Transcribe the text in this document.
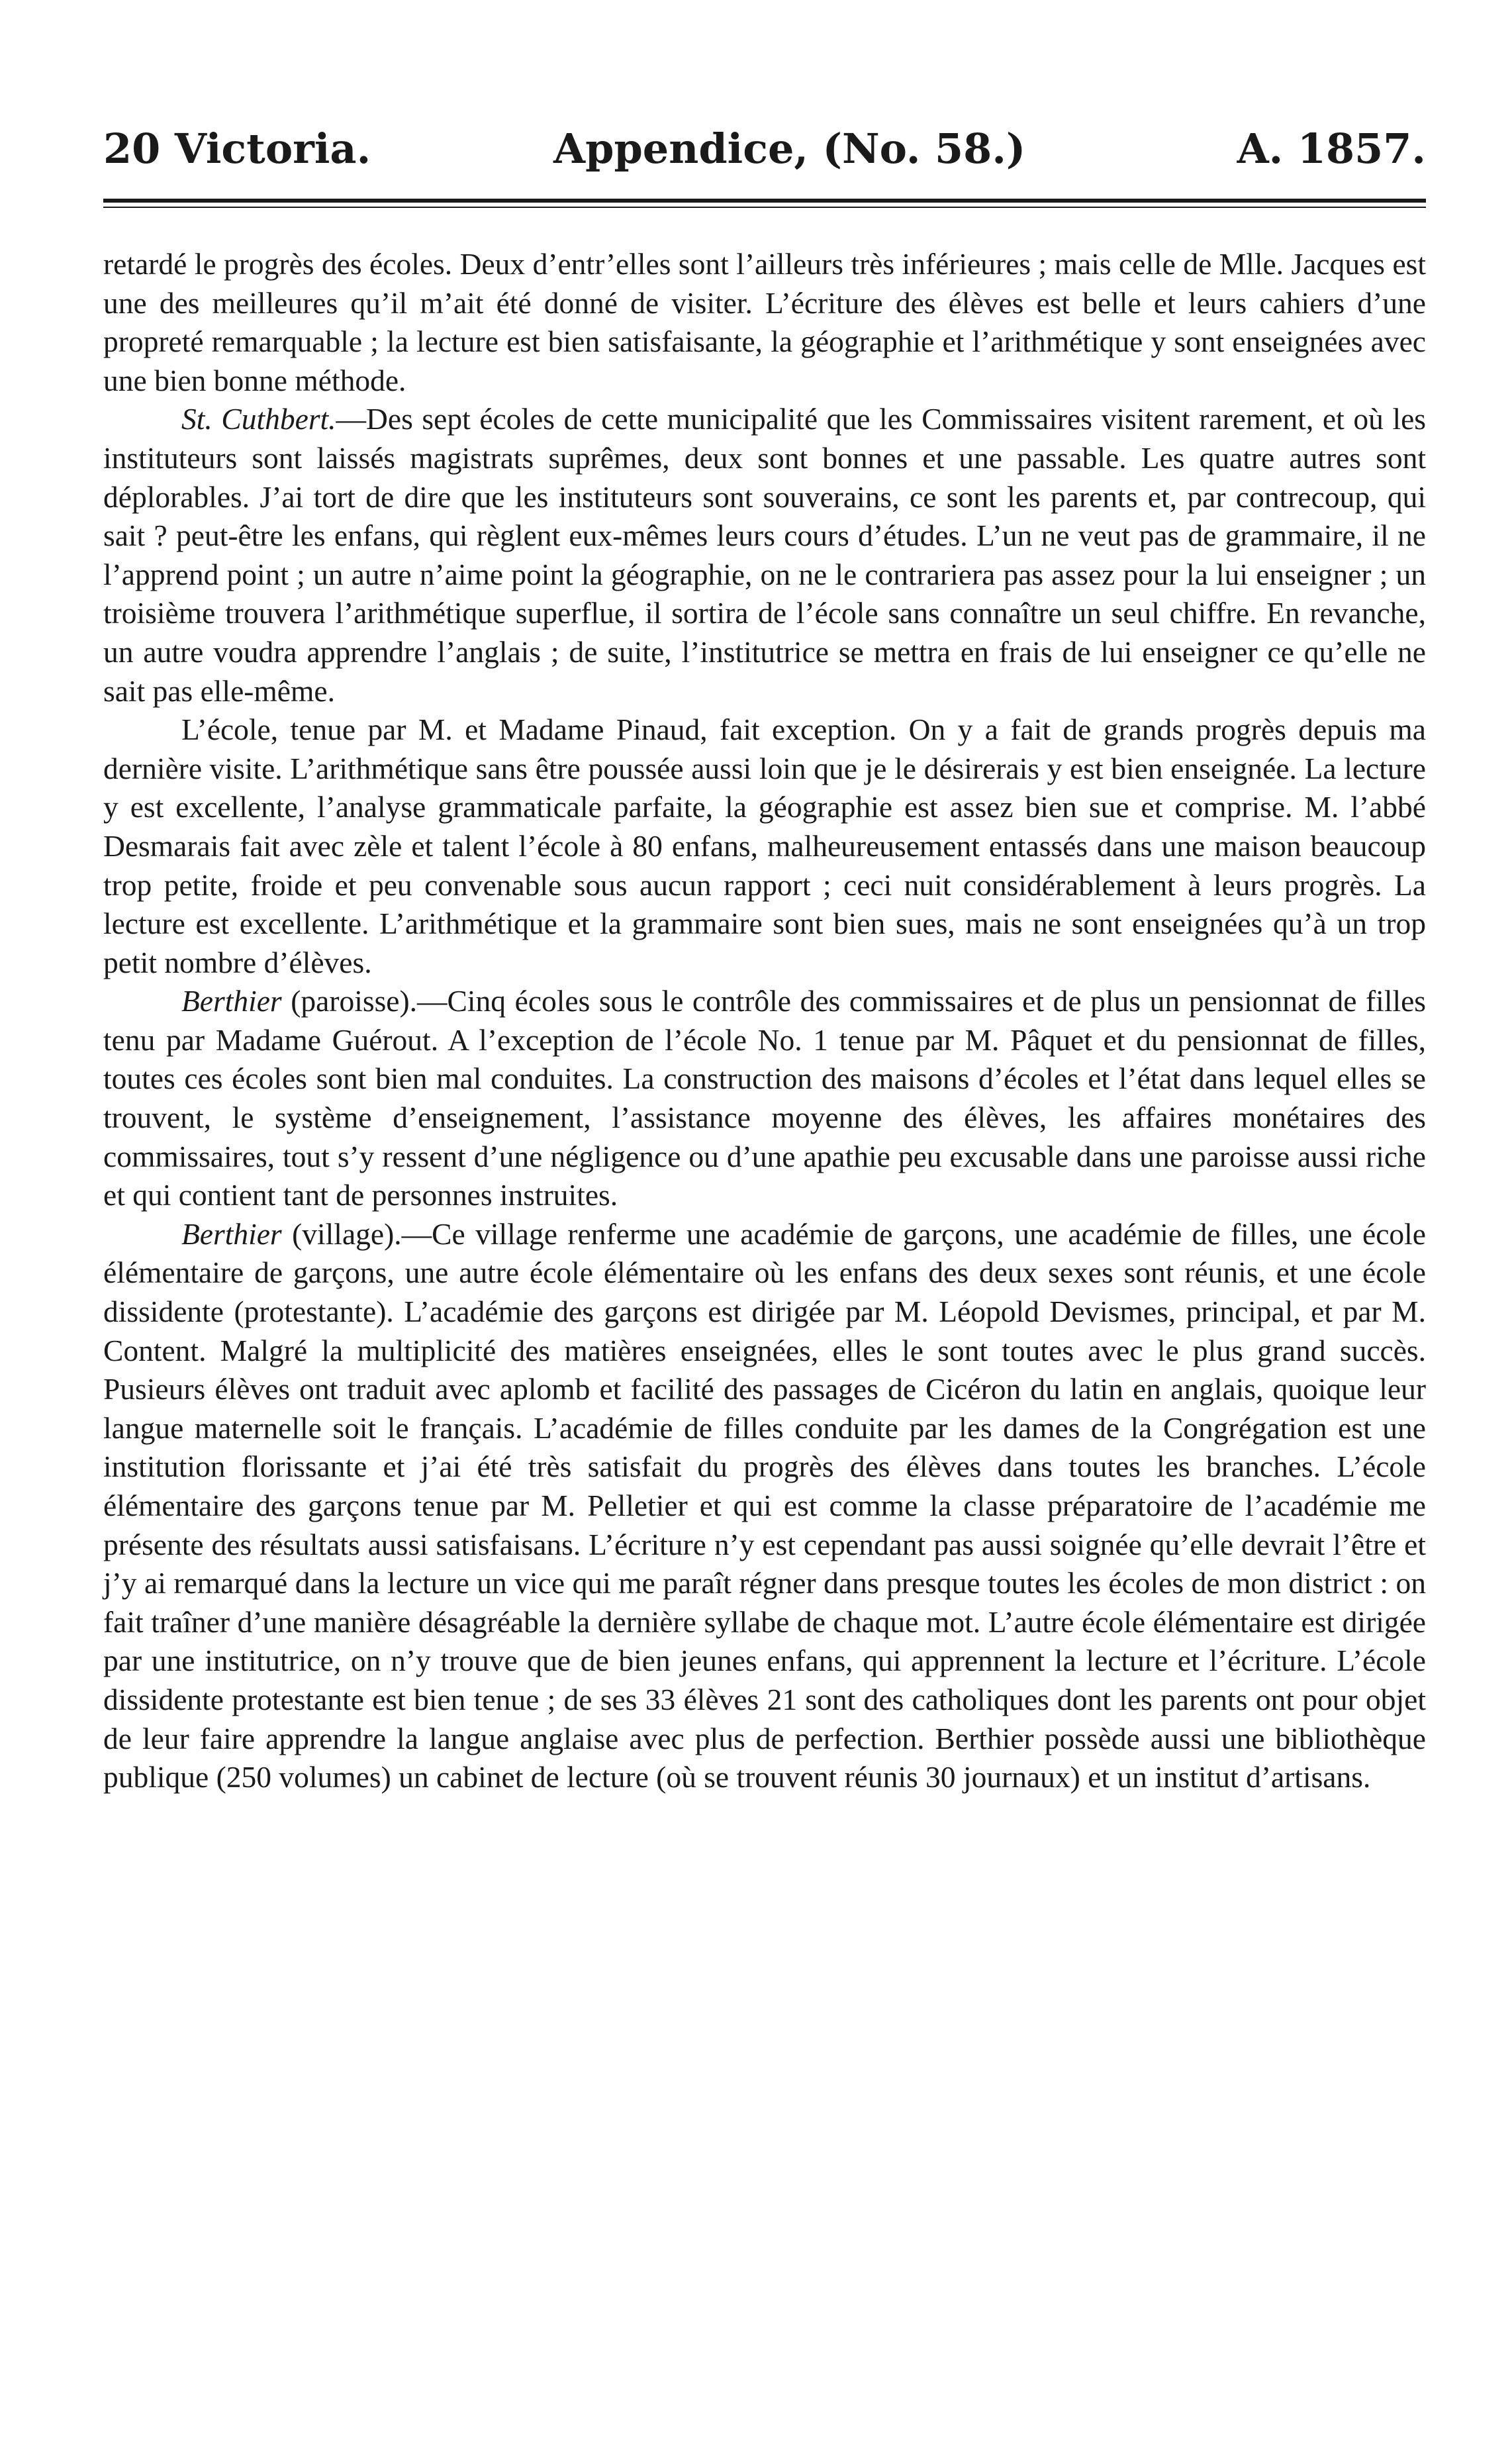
20 Victoria.	Appendice, (No. 58.)	A. 1857.

retardé le progrès des écoles. Deux d’entr’elles sont l’ailleurs très inférieures ; mais celle de Mlle. Jacques est une des meilleures qu’il m’ait été donné de visiter. L’écriture des élèves est belle et leurs cahiers d’une propreté remarquable ; la lecture est bien satisfaisante, la géographie et l’arithmétique y sont enseignées avec une bien bonne méthode.

St. Cuthbert.—Des sept écoles de cette municipalité que les Commissaires visitent rarement, et où les instituteurs sont laissés magistrats suprêmes, deux sont bonnes et une passable. Les quatre autres sont déplorables. J’ai tort de dire que les instituteurs sont souverains, ce sont les parents et, par contrecoup, qui sait ? peut-être les enfans, qui règlent eux-mêmes leurs cours d’études. L’un ne veut pas de grammaire, il ne l’apprend point ; un autre n’aime point la géographie, on ne le contrariera pas assez pour la lui enseigner ; un troisième trouvera l’arithmétique superflue, il sortira de l’école sans connaître un seul chiffre. En revanche, un autre voudra apprendre l’anglais ; de suite, l’institutrice se mettra en frais de lui enseigner ce qu’elle ne sait pas elle-même.

L’école, tenue par M. et Madame Pinaud, fait exception. On y a fait de grands progrès depuis ma dernière visite. L’arithmétique sans être poussée aussi loin que je le désirerais y est bien enseignée. La lecture y est excellente, l’analyse grammaticale parfaite, la géographie est assez bien sue et comprise. M. l’abbé Desmarais fait avec zèle et talent l’école à 80 enfans, malheureusement entassés dans une maison beaucoup trop petite, froide et peu convenable sous aucun rapport ; ceci nuit considérablement à leurs progrès. La lecture est excellente. L’arithmétique et la grammaire sont bien sues, mais ne sont enseignées qu’à un trop petit nombre d’élèves.

Berthier (paroisse).—Cinq écoles sous le contrôle des commissaires et de plus un pensionnat de filles tenu par Madame Guérout. A l’exception de l’école No. 1 tenue par M. Pâquet et du pensionnat de filles, toutes ces écoles sont bien mal conduites. La construction des maisons d’écoles et l’état dans lequel elles se trouvent, le système d’enseignement, l’assistance moyenne des élèves, les affaires monétaires des commissaires, tout s’y ressent d’une négligence ou d’une apathie peu excusable dans une paroisse aussi riche et qui contient tant de personnes instruites.

Berthier (village).—Ce village renferme une académie de garçons, une académie de filles, une école élémentaire de garçons, une autre école élémentaire où les enfans des deux sexes sont réunis, et une école dissidente (protestante). L’académie des garçons est dirigée par M. Léopold Devismes, principal, et par M. Content. Malgré la multiplicité des matières enseignées, elles le sont toutes avec le plus grand succès. Pusieurs élèves ont traduit avec aplomb et facilité des passages de Cicéron du latin en anglais, quoique leur langue maternelle soit le français. L’académie de filles conduite par les dames de la Congrégation est une institution florissante et j’ai été très satisfait du progrès des élèves dans toutes les branches. L’école élémentaire des garçons tenue par M. Pelletier et qui est comme la classe préparatoire de l’académie me présente des résultats aussi satisfaisans. L’écriture n’y est cependant pas aussi soignée qu’elle devrait l’être et j’y ai remarqué dans la lecture un vice qui me paraît régner dans presque toutes les écoles de mon district : on fait traîner d’une manière désagréable la dernière syllabe de chaque mot. L’autre école élémentaire est dirigée par une institutrice, on n’y trouve que de bien jeunes enfans, qui apprennent la lecture et l’écriture. L’école dissidente protestante est bien tenue ; de ses 33 élèves 21 sont des catholiques dont les parents ont pour objet de leur faire apprendre la langue anglaise avec plus de perfection. Berthier possède aussi une bibliothèque publique (250 volumes) un cabinet de lecture (où se trouvent réunis 30 journaux) et un institut d’artisans.
